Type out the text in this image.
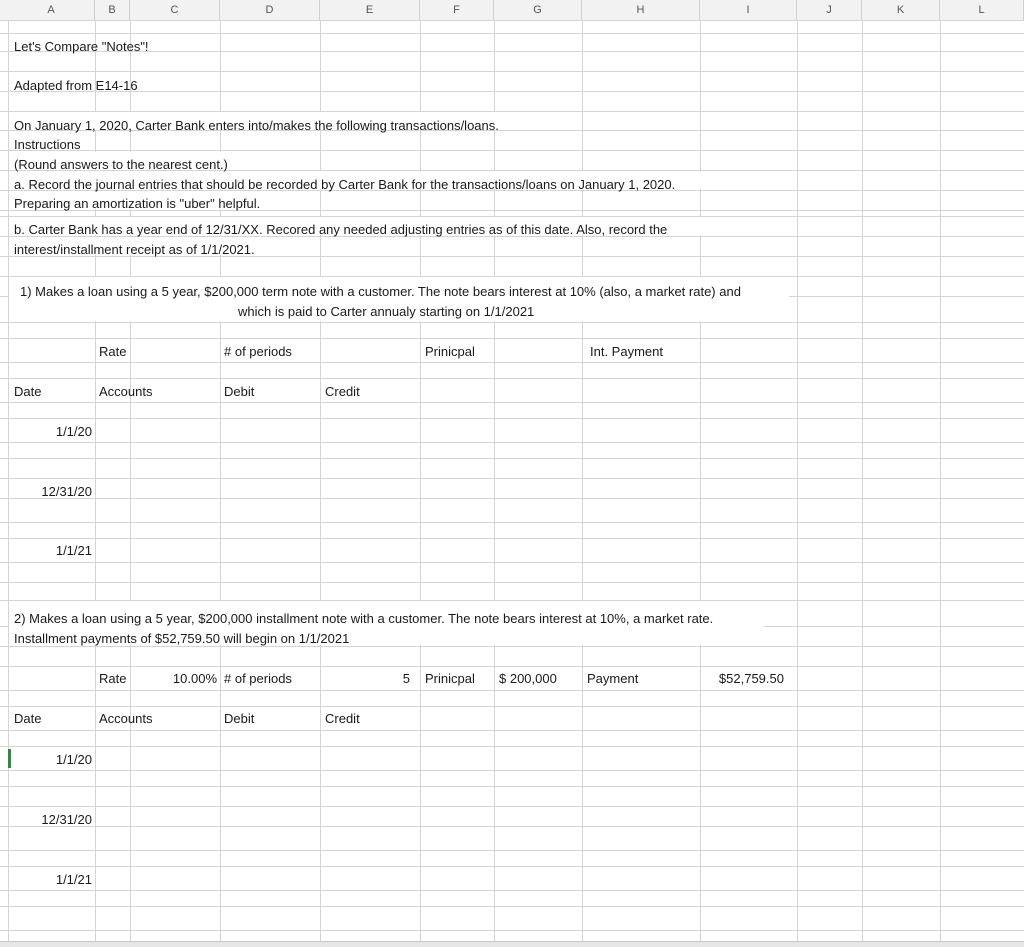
A	B	C	D	E	F	G	H	I	J	K	L
Let's Compare "Notes"!
Adapted from E14-16
On January 1, 2020, Carter Bank enters into/makes the following transactions/loans.
Instructions
(Round answers to the nearest cent.)
a. Record the journal entries that should be recorded by Carter Bank for the transactions/loans on January 1, 2020.
Preparing an amortization is "uber" helpful.
b. Carter Bank has a year end of 12/31/XX. Recored any needed adjusting entries as of this date. Also, record the
interest/installment receipt as of 1/1/2021.
1) Makes a loan using a 5 year, $200,000 term note with a customer. The note bears interest at 10% (also, a market rate) and
which is paid to Carter annualy starting on 1/1/2021
Rate	# of periods	Prinicpal	Int. Payment
Date	Accounts	Debit	Credit
1/1/20
12/31/20
1/1/21
2) Makes a loan using a 5 year, $200,000 installment note with a customer. The note bears interest at 10%, a market rate.
Installment payments of $52,759.50 will begin on 1/1/2021
Rate	10.00% # of periods	5 Prinicpal $ 200,000 Payment	$52,759.50
Date	Accounts	Debit	Credit
1/1/20
12/31/20
1/1/21
